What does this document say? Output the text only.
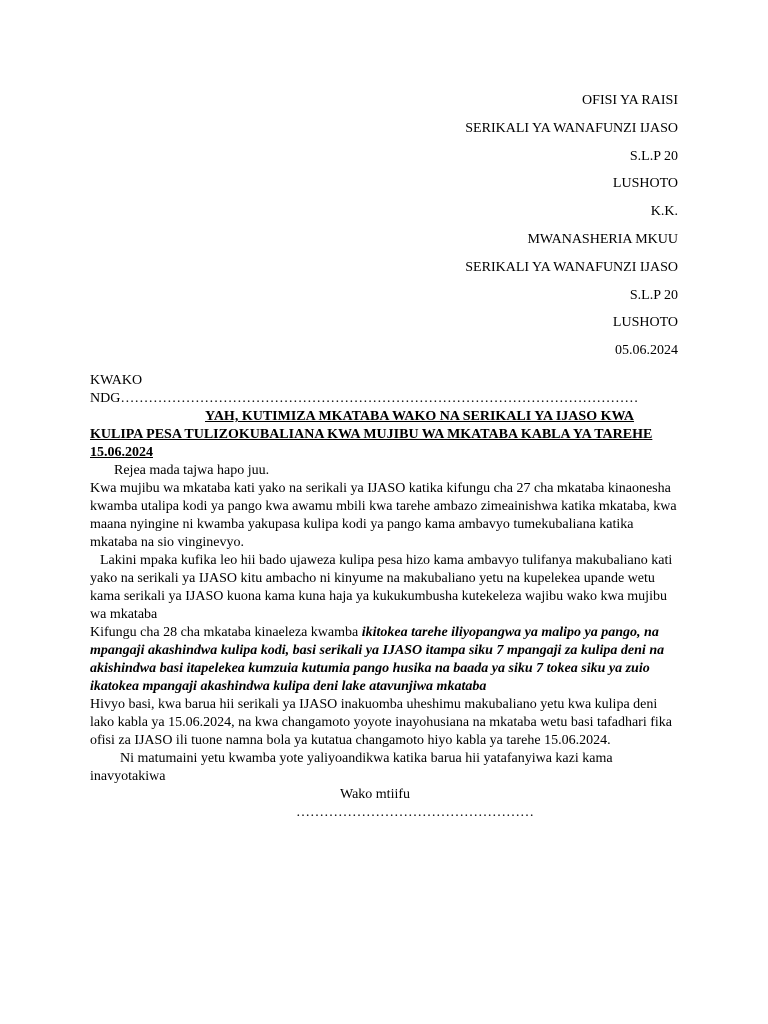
OFISI YA RAISI
SERIKALI YA WANAFUNZI IJASO
S.L.P 20
LUSHOTO
K.K.
MWANASHERIA MKUU
SERIKALI YA WANAFUNZI IJASO
S.L.P 20
LUSHOTO
05.06.2024

KWAKO

NDG…………………………………………………………………………………………………

YAH, KUTIMIZA MKATABA WAKO NA SERIKALI YA IJASO KWA KULIPA PESA TULIZOKUBALIANA KWA MUJIBU WA MKATABA KABLA YA TAREHE 15.06.2024

Rejea mada tajwa hapo juu.

Kwa mujibu wa mkataba kati yako na serikali ya IJASO katika kifungu cha 27 cha mkataba kinaonesha kwamba utalipa kodi ya pango kwa awamu mbili kwa tarehe ambazo zimeainishwa katika mkataba, kwa maana nyingine ni kwamba yakupasa kulipa kodi ya pango kama ambavyo tumekubaliana katika mkataba na sio vinginevyo.

Lakini mpaka kufika leo hii bado ujaweza kulipa pesa hizo kama ambavyo tulifanya makubaliano kati yako na serikali ya IJASO kitu ambacho ni kinyume na makubaliano yetu na kupelekea upande wetu kama serikali ya IJASO kuona kama kuna haja ya kukukumbusha kutekeleza wajibu wako kwa mujibu wa mkataba

Kifungu cha 28 cha mkataba kinaeleza kwamba ikitokea tarehe iliyopangwa ya malipo ya pango, na mpangaji akashindwa kulipa kodi, basi serikali ya IJASO itampa siku 7 mpangaji za kulipa deni na akishindwa basi itapelekea kumzuia kutumia pango husika na baada ya siku 7 tokea siku ya zuio ikatokea mpangaji akashindwa kulipa deni lake atavunjiwa mkataba

Hivyo basi, kwa barua hii serikali ya IJASO inakuomba uheshimu makubaliano yetu kwa kulipa deni lako kabla ya 15.06.2024, na kwa changamoto yoyote inayohusiana na mkataba wetu basi tafadhari fika ofisi za IJASO ili tuone namna bola ya kutatua changamoto hiyo kabla ya tarehe 15.06.2024.

Ni matumaini yetu kwamba yote yaliyoandikwa katika barua hii yatafanyiwa kazi kama inavyotakiwa

Wako mtiifu

……………………………………………
